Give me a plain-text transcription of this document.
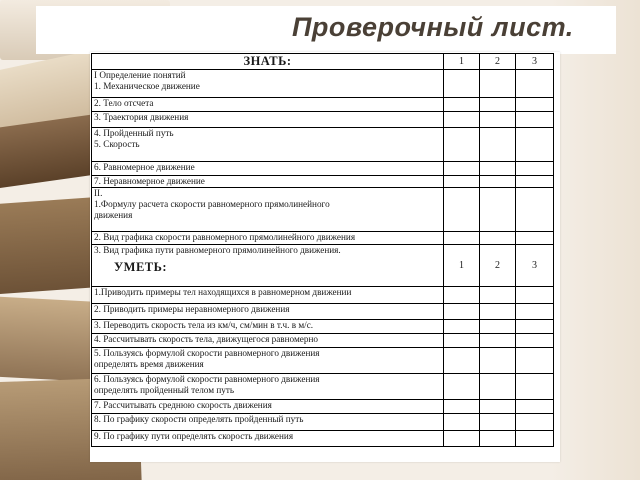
Проверочный лист.
ЗНАТЬ:	1	2	3

I Определение понятий
1. Механическое движение			

2. Тело отсчета			

3. Траектория движения			

4. Пройденный путь
5. Скорость			

6. Равномерное движение			

7. Неравномерное движение			

II.
1.Формулу расчета скорости равномерного прямолинейного
движения			

2. Вид графика скорости равномерного прямолинейного движения			

3. Вид графика пути равномерного прямолинейного движения.
УМЕТЬ:	1	2	3

1.Приводить примеры тел находящихся в равномерном движении			

2. Приводить примеры неравномерного движения			

3. Переводить скорость тела из км/ч, см/мин в т.ч. в м/с.			

4. Рассчитывать скорость тела, движущегося равномерно			

5. Пользуясь формулой скорости равномерного движения
определять время движения			

6. Пользуясь формулой скорости равномерного движения
определять пройденный телом путь			

7. Рассчитывать среднюю скорость движения			

8. По графику скорости определять пройденный путь			

9. По графику пути определять скорость движения			
